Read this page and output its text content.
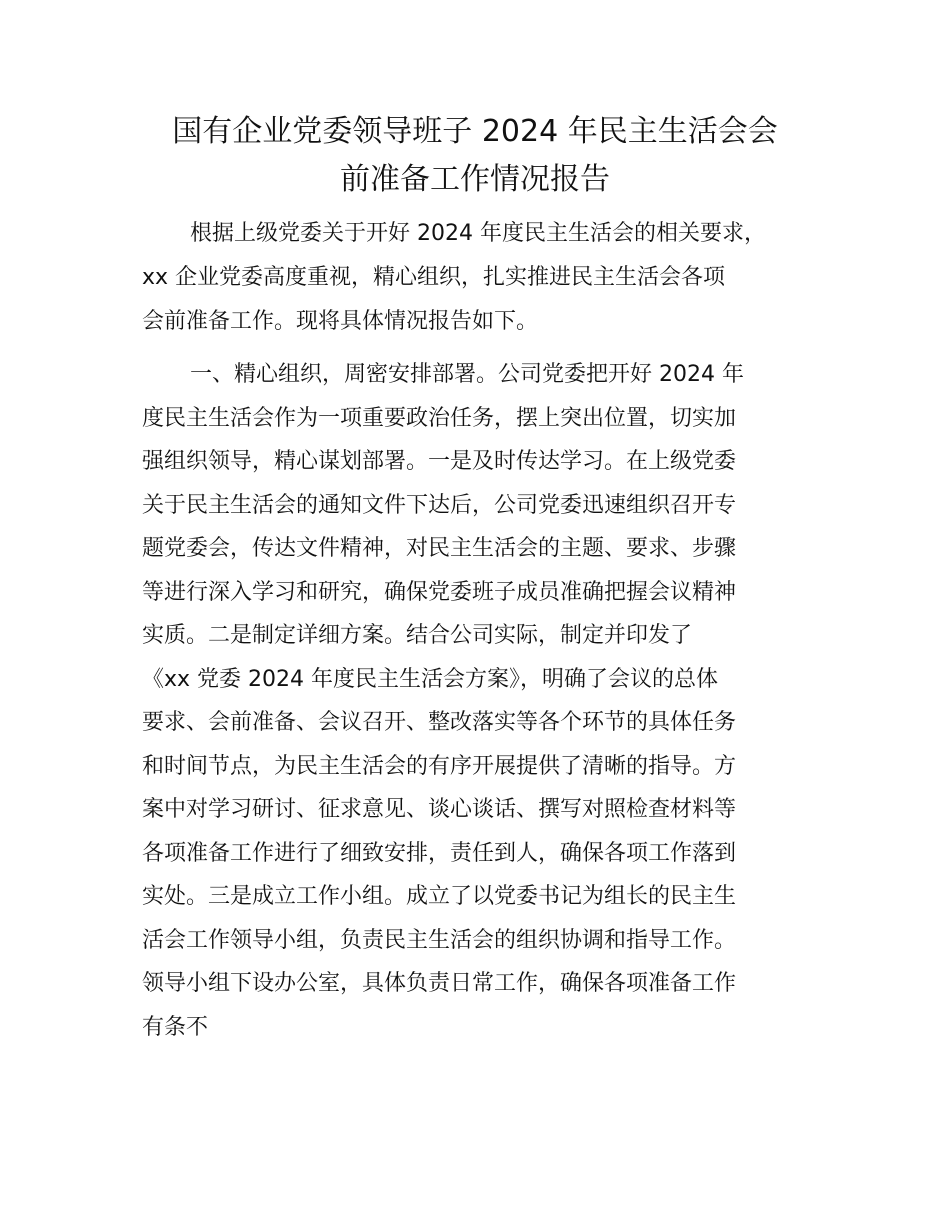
国有企业党委领导班子 2024 年民主生活会会
前准备工作情况报告
根据上级党委关于开好 2024 年度民主生活会的相关要求，
xx 企业党委高度重视，精心组织，扎实推进民主生活会各项
会前准备工作。现将具体情况报告如下。
一、精心组织，周密安排部署。公司党委把开好 2024 年
度民主生活会作为一项重要政治任务，摆上突出位置，切实加
强组织领导，精心谋划部署。一是及时传达学习。在上级党委
关于民主生活会的通知文件下达后，公司党委迅速组织召开专
题党委会，传达文件精神，对民主生活会的主题、要求、步骤
等进行深入学习和研究，确保党委班子成员准确把握会议精神
实质。二是制定详细方案。结合公司实际，制定并印发了
《xx 党委 2024 年度民主生活会方案》，明确了会议的总体
要求、会前准备、会议召开、整改落实等各个环节的具体任务
和时间节点，为民主生活会的有序开展提供了清晰的指导。方
案中对学习研讨、征求意见、谈心谈话、撰写对照检查材料等
各项准备工作进行了细致安排，责任到人，确保各项工作落到
实处。三是成立工作小组。成立了以党委书记为组长的民主生
活会工作领导小组，负责民主生活会的组织协调和指导工作。
领导小组下设办公室，具体负责日常工作，确保各项准备工作
有条不
